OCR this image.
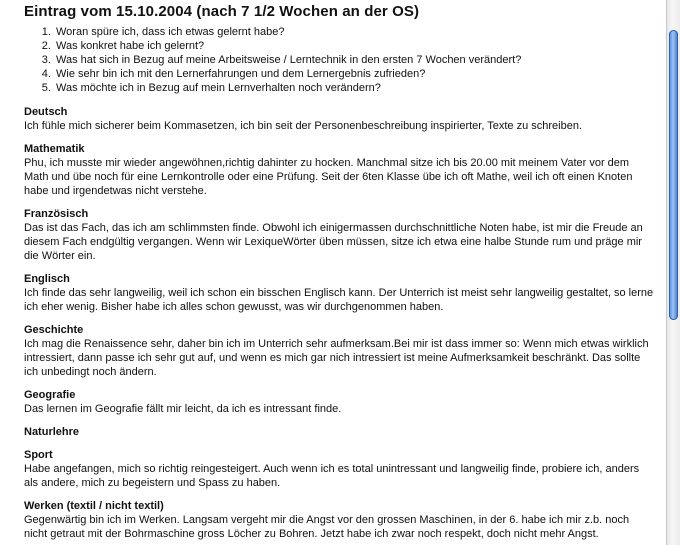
Eintrag vom 15.10.2004 (nach 7 1/2 Wochen an der OS)
1. Woran spüre ich, dass ich etwas gelernt habe?
2. Was konkret habe ich gelernt?
3. Was hat sich in Bezug auf meine Arbeitsweise / Lerntechnik in den ersten 7 Wochen verändert?
4. Wie sehr bin ich mit den Lernerfahrungen und dem Lernergebnis zufrieden?
5. Was möchte ich in Bezug auf mein Lernverhalten noch verändern?
Deutsch
Ich fühle mich sicherer beim Kommasetzen, ich bin seit der Personenbeschreibung inspirierter, Texte zu schreiben.
Mathematik
Phu, ich musste mir wieder angewöhnen,richtig dahinter zu hocken. Manchmal sitze ich bis 20.00 mit meinem Vater vor dem Math und übe noch für eine Lernkontrolle oder eine Prüfung. Seit der 6ten Klasse übe ich oft Mathe, weil ich oft einen Knoten habe und irgendetwas nicht verstehe.
Französisch
Das ist das Fach, das ich am schlimmsten finde. Obwohl ich einigermassen durchschnittliche Noten habe, ist mir die Freude an diesem Fach endgültig vergangen. Wenn wir LexiqueWörter üben müssen, sitze ich etwa eine halbe Stunde rum und präge mir die Wörter ein.
Englisch
Ich finde das sehr langweilig, weil ich schon ein bisschen Englisch kann. Der Unterrich ist meist sehr langweilig gestaltet, so lerne ich eher wenig. Bisher habe ich alles schon gewusst, was wir durchgenommen haben.
Geschichte
Ich mag die Renaissence sehr, daher bin ich im Unterrich sehr aufmerksam.Bei mir ist dass immer so: Wenn mich etwas wirklich intressiert, dann passe ich sehr gut auf, und wenn es mich gar nich intressiert ist meine Aufmerksamkeit beschränkt. Das sollte ich unbedingt noch ändern.
Geografie
Das lernen im Geografie fällt mir leicht, da ich es intressant finde.
Naturlehre
Sport
Habe angefangen, mich so richtig reingesteigert. Auch wenn ich es total unintressant und langweilig finde, probiere ich, anders als andere, mich zu begeistern und Spass zu haben.
Werken (textil / nicht textil)
Gegenwärtig bin ich im Werken. Langsam vergeht mir die Angst vor den grossen Maschinen, in der 6. habe ich mir z.b. noch nicht getraut mit der Bohrmaschine gross Löcher zu Bohren. Jetzt habe ich zwar noch respekt, doch nicht mehr Angst.
